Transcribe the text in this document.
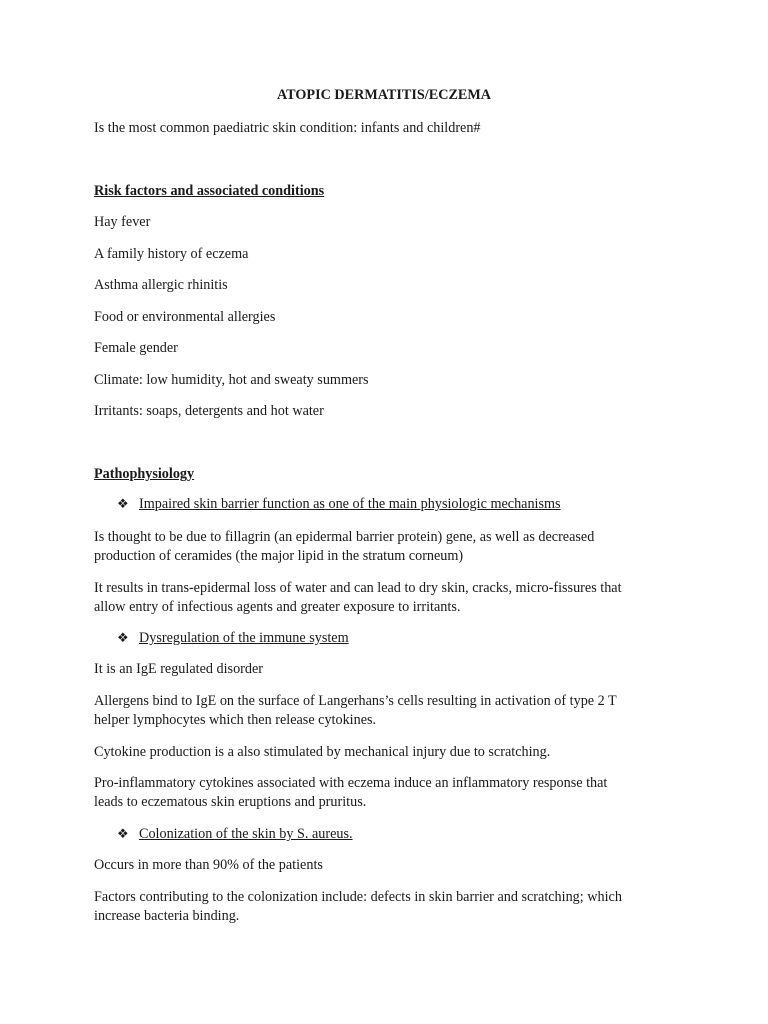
ATOPIC DERMATITIS/ECZEMA

Is the most common paediatric skin condition: infants and children#

Risk factors and associated conditions

Hay fever

A family history of eczema

Asthma allergic rhinitis

Food or environmental allergies

Female gender

Climate: low humidity, hot and sweaty summers

Irritants: soaps, detergents and hot water

Pathophysiology

❖ Impaired skin barrier function as one of the main physiologic mechanisms

Is thought to be due to fillagrin (an epidermal barrier protein) gene, as well as decreased

production of ceramides (the major lipid in the stratum corneum)

It results in trans-epidermal loss of water and can lead to dry skin, cracks, micro-fissures that

allow entry of infectious agents and greater exposure to irritants.

❖ Dysregulation of the immune system

It is an IgE regulated disorder

Allergens bind to IgE on the surface of Langerhans’s cells resulting in activation of type 2 T

helper lymphocytes which then release cytokines.

Cytokine production is a also stimulated by mechanical injury due to scratching.

Pro-inflammatory cytokines associated with eczema induce an inflammatory response that

leads to eczematous skin eruptions and pruritus.

❖ Colonization of the skin by S. aureus.

Occurs in more than 90% of the patients

Factors contributing to the colonization include: defects in skin barrier and scratching; which

increase bacteria binding.
